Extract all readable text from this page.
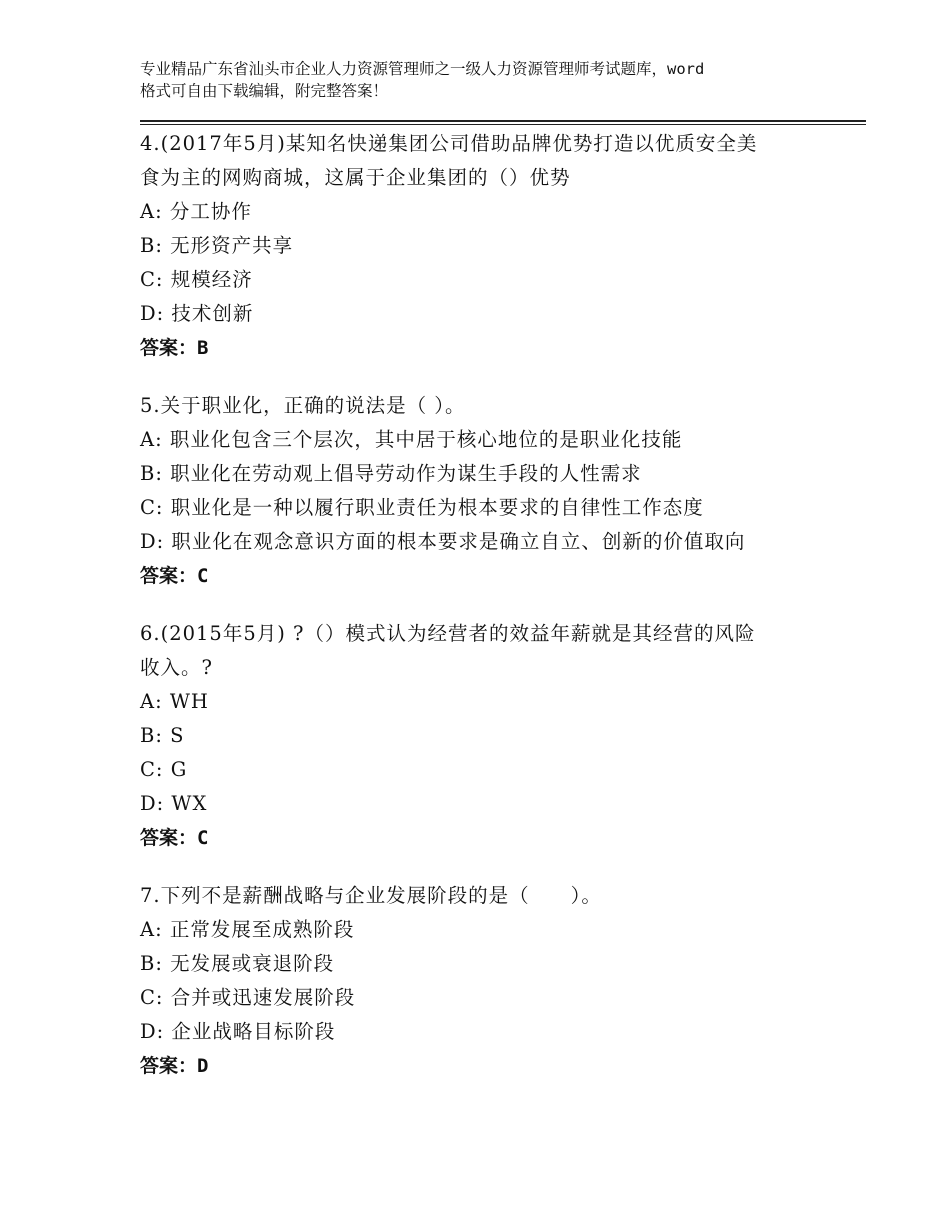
专业精品广东省汕头市企业人力资源管理师之一级人力资源管理师考试题库，word
格式可自由下载编辑，附完整答案！
4.(2017年5月)某知名快递集团公司借助品牌优势打造以优质安全美
食为主的网购商城，这属于企业集团的（）优势
A: 分工协作
B: 无形资产共享
C: 规模经济
D: 技术创新
答案：B
5.关于职业化，正确的说法是（ ）。
A: 职业化包含三个层次，其中居于核心地位的是职业化技能
B: 职业化在劳动观上倡导劳动作为谋生手段的人性需求
C: 职业化是一种以履行职业责任为根本要求的自律性工作态度
D: 职业化在观念意识方面的根本要求是确立自立、创新的价值取向
答案：C
6.(2015年5月) ?（）模式认为经营者的效益年薪就是其经营的风险
收入。?
A: WH
B: S
C: G
D: WX
答案：C
7.下列不是薪酬战略与企业发展阶段的是（　　）。
A: 正常发展至成熟阶段
B: 无发展或衰退阶段
C: 合并或迅速发展阶段
D: 企业战略目标阶段
答案：D
